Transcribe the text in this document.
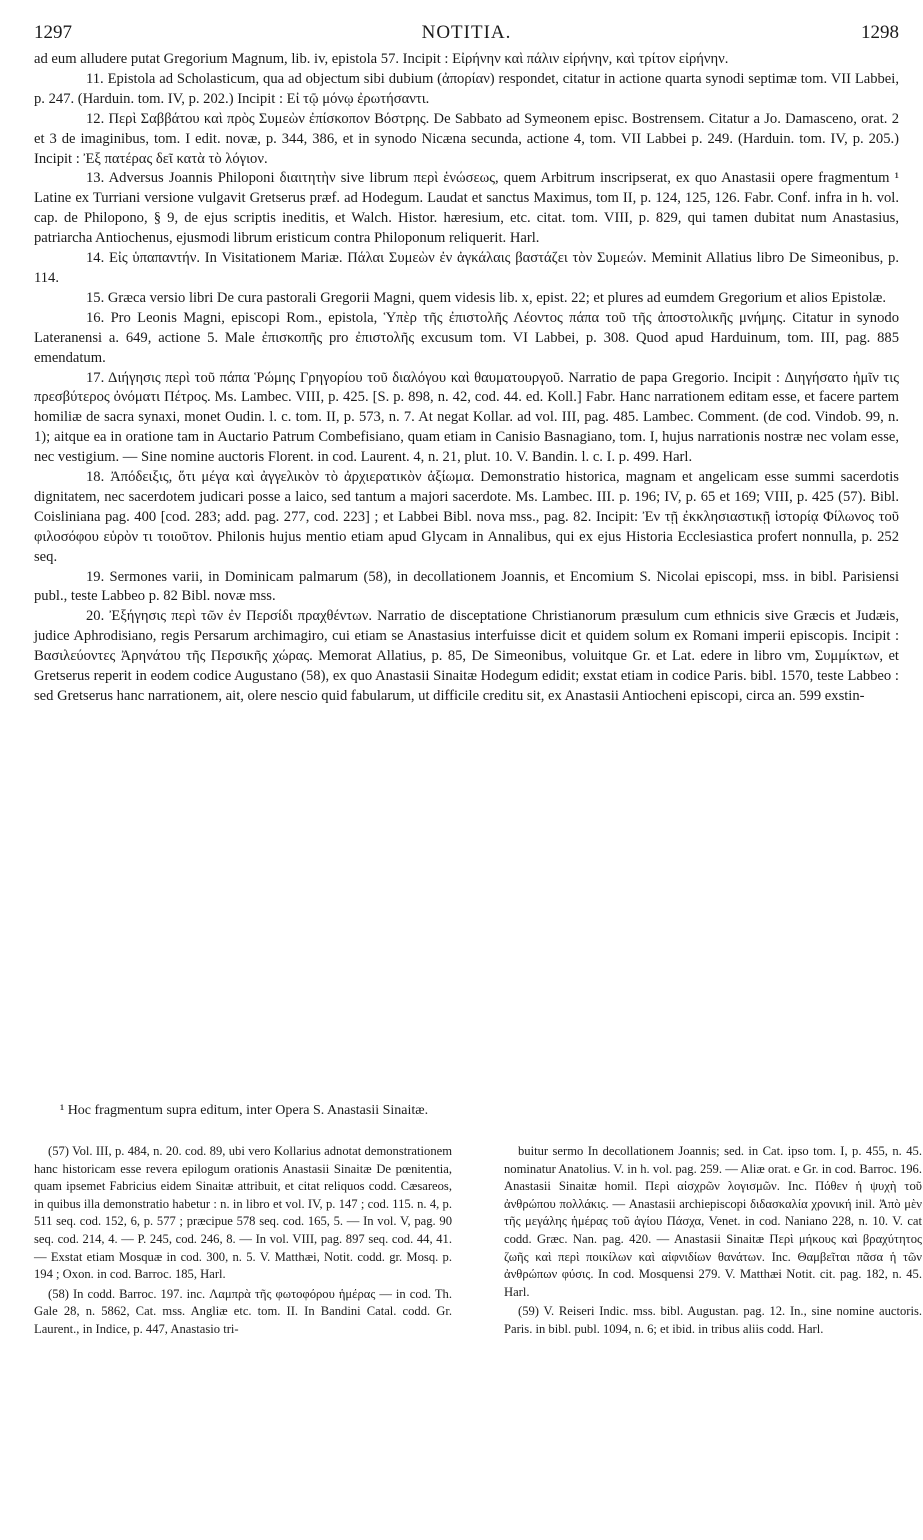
1297	NOTITIA.	1298

ad eum alludere putat Gregorium Magnum, lib. iv, epistola 57. Incipit : Εἰρήνην καὶ πάλιν εἰρήνην, καὶ τρίτον εἰρήνην.

11. Epistola ad Scholasticum, qua ad objectum sibi dubium (ἀπορίαν) respondet, citatur in actione quarta synodi septimæ tom. VII Labbei, p. 247. (Harduin. tom. IV, p. 202.) Incipit : Εἰ τῷ μόνῳ ἐρωτήσαντι.

12. Περὶ Σαββάτου καὶ πρὸς Συμεὼν ἐπίσκοπον Βόστρης. De Sabbato ad Symeonem episc. Bostrensem. Citatur a Jo. Damasceno, orat. 2 et 3 de imaginibus, tom. I edit. novæ, p. 344, 386, et in synodo Nicæna secunda, actione 4, tom. VII Labbei p. 249. (Harduin. tom. IV, p. 205.) Incipit : Ἐξ πατέρας δεῖ κατὰ τὸ λόγιον.

13. Adversus Joannis Philoponi διαιτητὴν sive librum περὶ ἑνώσεως, quem Arbitrum inscripserat, ex quo Anastasii opere fragmentum ¹ Latine ex Turriani versione vulgavit Gretserus præf. ad Hodegum. Laudat et sanctus Maximus, tom II, p. 124, 125, 126. Fabr. Conf. infra in h. vol. cap. de Philopono, § 9, de ejus scriptis ineditis, et Walch. Histor. hæresium, etc. citat. tom. VIII, p. 829, qui tamen dubitat num Anastasius, patriarcha Antiochenus, ejusmodi librum eristicum contra Philoponum reliquerit. Harl.

14. Εἰς ὑπαπαντήν. In Visitationem Mariæ. Πάλαι Συμεὼν ἐν ἀγκάλαις βαστάζει τὸν Συμεών. Meminit Allatius libro De Simeonibus, p. 114.

15. Græca versio libri De cura pastorali Gregorii Magni, quem videsis lib. x, epist. 22; et plures ad eumdem Gregorium et alios Epistolæ.

16. Pro Leonis Magni, episcopi Rom., epistola, Ὑπὲρ τῆς ἐπιστολῆς Λέοντος πάπα τοῦ τῆς ἀποστολικῆς μνήμης. Citatur in synodo Lateranensi a. 649, actione 5. Male ἐπισκοπῆς pro ἐπιστολῆς excusum tom. VI Labbei, p. 308. Quod apud Harduinum, tom. III, pag. 885 emendatum.

17. Διήγησις περὶ τοῦ πάπα Ῥώμης Γρηγορίου τοῦ διαλόγου καὶ θαυματουργοῦ. Narratio de papa Gregorio. Incipit : Διηγήσατο ἡμῖν τις πρεσβύτερος ὀνόματι Πέτρος. Ms. Lambec. VIII, p. 425. [S. p. 898, n. 42, cod. 44. ed. Koll.] Fabr. Hanc narrationem editam esse, et facere partem homiliæ de sacra synaxi, monet Oudin. l. c. tom. II, p. 573, n. 7. At negat Kollar. ad vol. III, pag. 485. Lambec. Comment. (de cod. Vindob. 99, n. 1); aitque ea in oratione tam in Auctario Patrum Combefisiano, quam etiam in Canisio Basnagiano, tom. I, hujus narrationis nostræ nec volam esse, nec vestigium. — Sine nomine auctoris Florent. in cod. Laurent. 4, n. 21, plut. 10. V. Bandin. l. c. I. p. 499. Harl.

18. Ἀπόδειξις, ὅτι μέγα καὶ ἀγγελικὸν τὸ ἀρχιερατικὸν ἀξίωμα. Demonstratio historica, magnam et angelicam esse summi sacerdotis dignitatem, nec sacerdotem judicari posse a laico, sed tantum a majori sacerdote. Ms. Lambec. III. p. 196; IV, p. 65 et 169; VIII, p. 425 (57). Bibl. Coisliniana pag. 400 [cod. 283; add. pag. 277, cod. 223] ; et Labbei Bibl. nova mss., pag. 82. Incipit: Ἐν τῇ ἐκκλησιαστικῇ ἱστορίᾳ Φίλωνος τοῦ φιλοσόφου εὑρὸν τι τοιοῦτον. Philonis hujus mentio etiam apud Glycam in Annalibus, qui ex ejus Historia Ecclesiastica profert nonnulla, p. 252 seq.

19. Sermones varii, in Dominicam palmarum (58), in decollationem Joannis, et Encomium S. Nicolai episcopi, mss. in bibl. Parisiensi publ., teste Labbeo p. 82 Bibl. novæ mss.

20. Ἐξήγησις περὶ τῶν ἐν Περσίδι πραχθέντων. Narratio de disceptatione Christianorum præsulum cum ethnicis sive Græcis et Judæis, judice Aphrodisiano, regis Persarum archimagiro, cui etiam se Anastasius interfuisse dicit et quidem solum ex Romani imperii episcopis. Incipit : Βασιλεύοντες Ἀρηνάτου τῆς Περσικῆς χώρας. Memorat Allatius, p. 85, De Simeonibus, voluitque Gr. et Lat. edere in libro vm, Συμμίκτων, et Gretserus reperit in eodem codice Augustano (58), ex quo Anastasii Sinaitæ Hodegum edidit; exstat etiam in codice Paris. bibl. 1570, teste Labbeo : sed Gretserus hanc narrationem, ait, olere nescio quid fabularum, ut difficile creditu sit, ex Anastasii Antiocheni episcopi, circa an. 599 exstin-

¹ Hoc fragmentum supra editum, inter Opera S. Anastasii Sinaitæ.

(57) Vol. III, p. 484, n. 20. cod. 89, ubi vero Kollarius adnotat demonstrationem hanc historicam esse revera epilogum orationis Anastasii Sinaitæ De pœnitentia, quam ipsemet Fabricius eidem Sinaitæ attribuit, et citat reliquos codd. Cæsareos, in quibus illa demonstratio habetur : n. in libro et vol. IV, p. 147 ; cod. 115. n. 4, p. 511 seq. cod. 152, 6, p. 577 ; præcipue 578 seq. cod. 165, 5. — In vol. V, pag. 90 seq. cod. 214, 4. — P. 245, cod. 246, 8. — In vol. VIII, pag. 897 seq. cod. 44, 41. — Exstat etiam Mosquæ in cod. 300, n. 5. V. Matthæi, Notit. codd. gr. Mosq. p. 194 ; Oxon. in cod. Barroc. 185, Harl.

(58) In codd. Barroc. 197. inc. Λαμπρὰ τῆς φωτοφόρου ἡμέρας — in cod. Th. Gale 28, n. 5862, Cat. mss. Angliæ etc. tom. II. In Bandini Catal. codd. Gr. Laurent., in Indice, p. 447, Anastasio tri-

buitur sermo In decollationem Joannis; sed. in Cat. ipso tom. I, p. 455, n. 45. nominatur Anatolius. V. in h. vol. pag. 259. — Aliæ orat. e Gr. in cod. Barroc. 196. Anastasii Sinaitæ homil. Περὶ αἰσχρῶν λογισμῶν. Inc. Πόθεν ἡ ψυχὴ τοῦ ἀνθρώπου πολλάκις. — Anastasii archiepiscopi διδασκαλία χρονική inil. Ἀπὸ μὲν τῆς μεγάλης ἡμέρας τοῦ ἁγίου Πάσχα, Venet. in cod. Naniano 228, n. 10. V. cat codd. Græc. Nan. pag. 420. — Anastasii Sinaitæ Περὶ μήκους καὶ βραχύτητος ζωῆς καὶ περὶ ποικίλων καὶ αἰφνιδίων θανάτων. Inc. Θαμβεῖται πᾶσα ἡ τῶν ἀνθρώπων φύσις. In cod. Mosquensi 279. V. Matthæi Notit. cit. pag. 182, n. 45. Harl.

(59) V. Reiseri Indic. mss. bibl. Augustan. pag. 12. In., sine nomine auctoris. Paris. in bibl. publ. 1094, n. 6; et ibid. in tribus aliis codd. Harl.
